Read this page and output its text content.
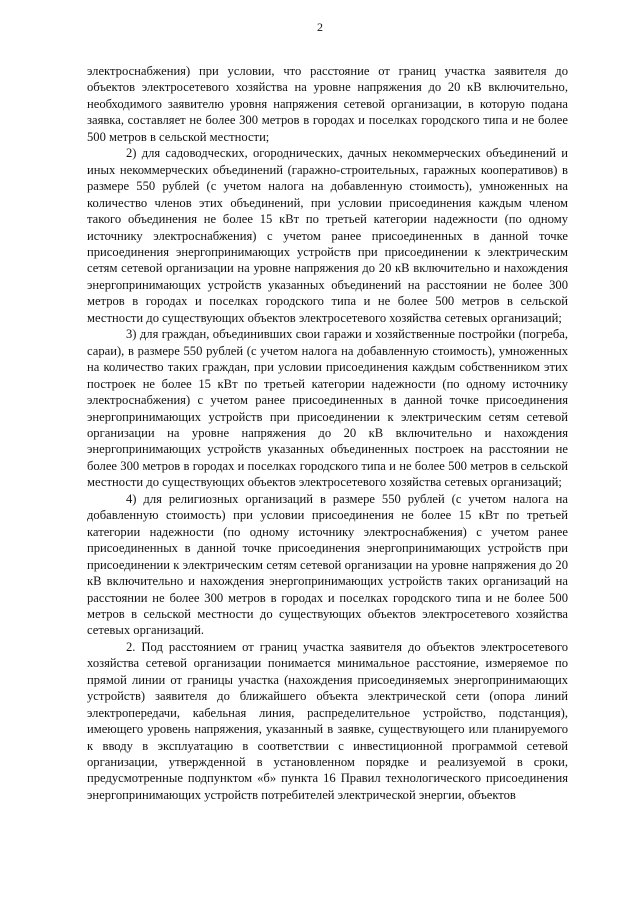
2

электроснабжения) при условии, что расстояние от границ участка заявителя до объектов электросетевого хозяйства на уровне напряжения до 20 кВ включительно, необходимого заявителю уровня напряжения сетевой организации, в которую подана заявка, составляет не более 300 метров в городах и поселках городского типа и не более 500 метров в сельской местности;

2) для садоводческих, огороднических, дачных некоммерческих объединений и иных некоммерческих объединений (гаражно-строительных, гаражных кооперативов) в размере 550 рублей (с учетом налога на добавленную стоимость), умноженных на количество членов этих объединений, при условии присоединения каждым членом такого объединения не более 15 кВт по третьей категории надежности (по одному источнику электроснабжения) с учетом ранее присоединенных в данной точке присоединения энергопринимающих устройств при присоединении к электрическим сетям сетевой организации на уровне напряжения до 20 кВ включительно и нахождения энергопринимающих устройств указанных объединений на расстоянии не более 300 метров в городах и поселках городского типа и не более 500 метров в сельской местности до существующих объектов электросетевого хозяйства сетевых организаций;

3) для граждан, объединивших свои гаражи и хозяйственные постройки (погреба, сараи), в размере 550 рублей (с учетом налога на добавленную стоимость), умноженных на количество таких граждан, при условии присоединения каждым собственником этих построек не более 15 кВт по третьей категории надежности (по одному источнику электроснабжения) с учетом ранее присоединенных в данной точке присоединения энергопринимающих устройств при присоединении к электрическим сетям сетевой организации на уровне напряжения до 20 кВ включительно и нахождения энергопринимающих устройств указанных объединенных построек на расстоянии не более 300 метров в городах и поселках городского типа и не более 500 метров в сельской местности до существующих объектов электросетевого хозяйства сетевых организаций;

4) для религиозных организаций в размере 550 рублей (с учетом налога на добавленную стоимость) при условии присоединения не более 15 кВт по третьей категории надежности (по одному источнику электроснабжения) с учетом ранее присоединенных в данной точке присоединения энергопринимающих устройств при присоединении к электрическим сетям сетевой организации на уровне напряжения до 20 кВ включительно и нахождения энергопринимающих устройств таких организаций на расстоянии не более 300 метров в городах и поселках городского типа и не более 500 метров в сельской местности до существующих объектов электросетевого хозяйства сетевых организаций.

2. Под расстоянием от границ участка заявителя до объектов электросетевого хозяйства сетевой организации понимается минимальное расстояние, измеряемое по прямой линии от границы участка (нахождения присоединяемых энергопринимающих устройств) заявителя до ближайшего объекта электрической сети (опора линий электропередачи, кабельная линия, распределительное устройство, подстанция), имеющего уровень напряжения, указанный в заявке, существующего или планируемого к вводу в эксплуатацию в соответствии с инвестиционной программой сетевой организации, утвержденной в установленном порядке и реализуемой в сроки, предусмотренные подпунктом «б» пункта 16 Правил технологического присоединения энергопринимающих устройств потребителей электрической энергии, объектов
